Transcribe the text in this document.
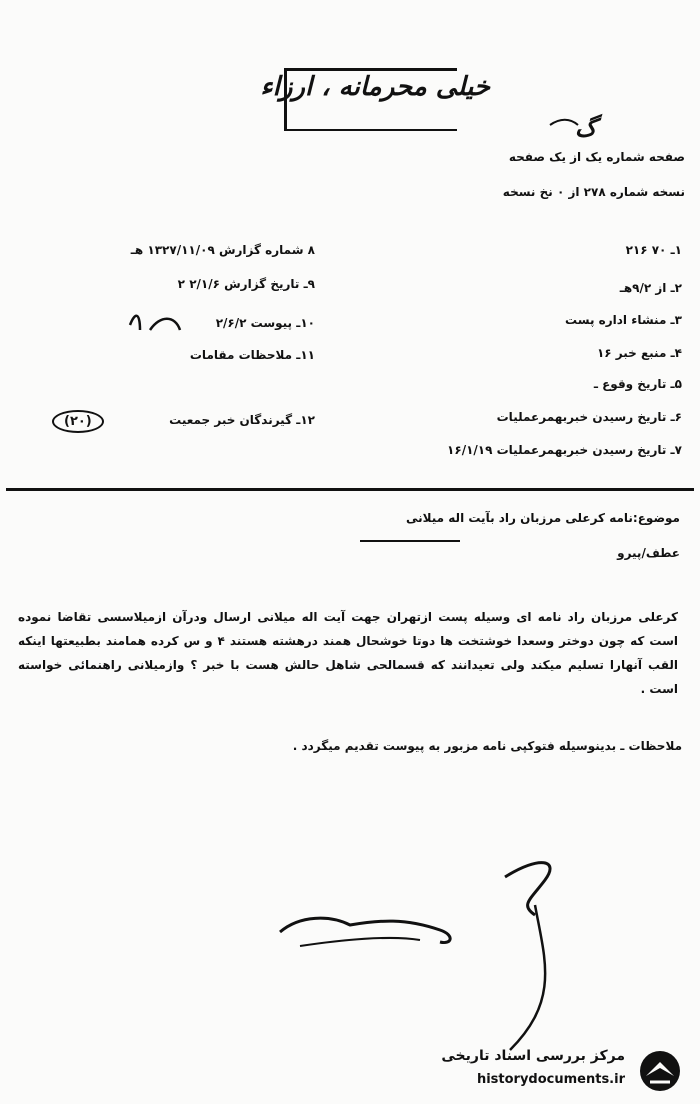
خیلی محرمانه ، ارزاء
گ
صفحه شماره یک از یک صفحه
نسخه شماره ۲۷۸ از ۰ نخ نسخه
۸ شماره گزارش ۱۳۲۷/۱۱/۰۹ هـ
۹ـ تاریخ گزارش ۲/۱/۶ ۲
۱۰ـ پیوست ۲/۶/۲
۱۱ـ ملاحظات مقامات
۱ـ ۷۰ ۲۱۶
۲ـ از ۹/۲هـ
۳ـ منشاء اداره پست
۴ـ منبع خبر ۱۶
۵ـ تاریخ وقوع ـ
۶ـ تاریخ رسیدن خبربهمرعملیات
۷ـ تاریخ رسیدن خبربهمرعملیات ۱۶/۱/۱۹
۱۲ـ گیرندگان خبر جمعیت
(۲۰)
موضوع:نامه کرعلی مرزبان راد بآیت اله میلانی
عطف/پیرو
کرعلی مرزبان راد نامه ای وسیله پست ازتهران جهت آیت اله میلانی ارسال ودرآن ازمیلاسسی تقاضا نموده است که چون دوختر وسعدا خوشتخت ها دوتا خوشحال همند درهشته هستند ۴ و س کرده همامند بطبیعتها اینکه القب آنهارا تسلیم میکند ولی تعیدانند که قسمالحی شاهل حالش هست با خبر ؟ وازمیلانی راهنمائی خواسته است .
ملاحظات ـ بدینوسیله فتوکپی نامه مزبور به پیوست تقدیم میگردد .
مرکز بررسی اسناد تاریخی
historydocuments.ir
